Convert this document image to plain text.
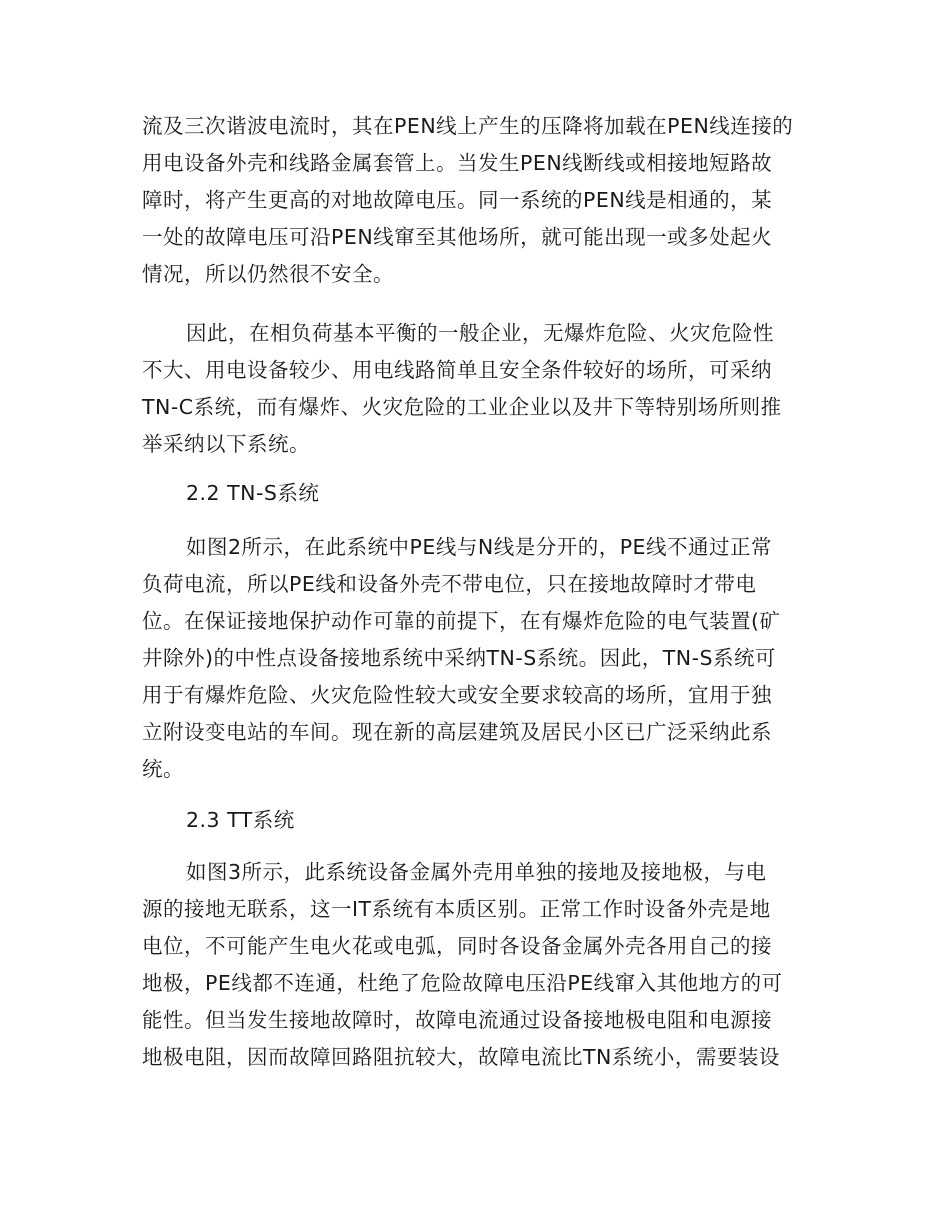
流及三次谐波电流时，其在PEN线上产生的压降将加载在PEN线连接的
用电设备外壳和线路金属套管上。当发生PEN线断线或相接地短路故
障时，将产生更高的对地故障电压。同一系统的PEN线是相通的，某
一处的故障电压可沿PEN线窜至其他场所，就可能出现一或多处起火
情况，所以仍然很不安全。
因此，在相负荷基本平衡的一般企业，无爆炸危险、火灾危险性
不大、用电设备较少、用电线路简单且安全条件较好的场所，可采纳
TN-C系统，而有爆炸、火灾危险的工业企业以及井下等特别场所则推
举采纳以下系统。
2.2 TN-S系统
如图2所示，在此系统中PE线与N线是分开的，PE线不通过正常
负荷电流，所以PE线和设备外壳不带电位，只在接地故障时才带电
位。在保证接地保护动作可靠的前提下，在有爆炸危险的电气装置(矿
井除外)的中性点设备接地系统中采纳TN-S系统。因此，TN-S系统可
用于有爆炸危险、火灾危险性较大或安全要求较高的场所，宜用于独
立附设变电站的车间。现在新的高层建筑及居民小区已广泛采纳此系
统。
2.3 TT系统
如图3所示，此系统设备金属外壳用单独的接地及接地极，与电
源的接地无联系，这一IT系统有本质区别。正常工作时设备外壳是地
电位，不可能产生电火花或电弧，同时各设备金属外壳各用自己的接
地极，PE线都不连通，杜绝了危险故障电压沿PE线窜入其他地方的可
能性。但当发生接地故障时，故障电流通过设备接地极电阻和电源接
地极电阻，因而故障回路阻抗较大，故障电流比TN系统小，需要装设
